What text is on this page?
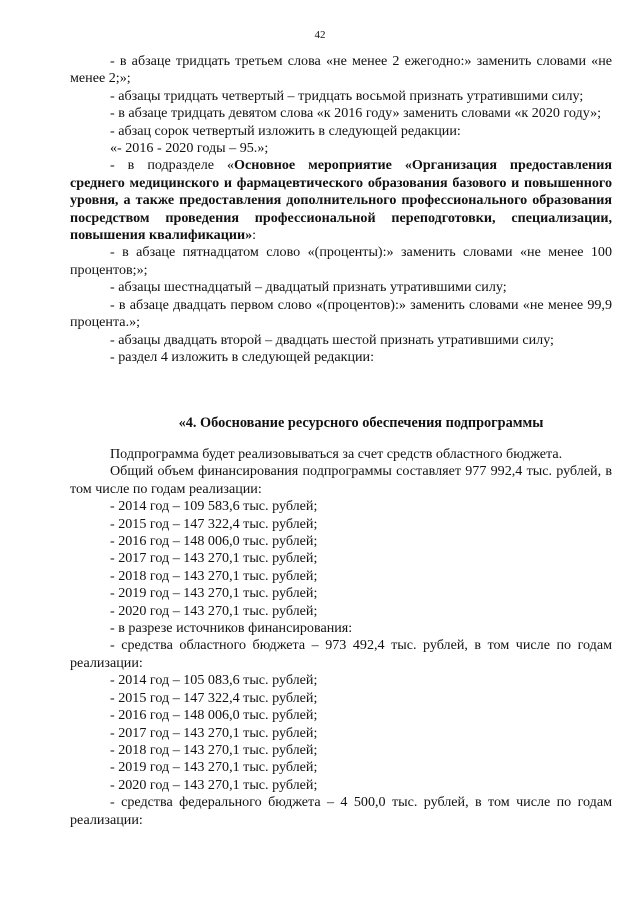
42

- в абзаце тридцать третьем слова «не менее 2 ежегодно:» заменить словами «не менее 2;»;

- абзацы тридцать четвертый – тридцать восьмой признать утратившими силу;

- в абзаце тридцать девятом слова «к 2016 году» заменить словами «к 2020 году»;

- абзац сорок четвертый изложить в следующей редакции:

«- 2016 - 2020 годы – 95.»;

- в подразделе «Основное мероприятие «Организация предоставления среднего медицинского и фармацевтического образования базового и повышенного уровня, а также предоставления дополнительного профессионального образования посредством проведения профессиональной переподготовки, специализации, повышения квалификации»:

- в абзаце пятнадцатом слово «(проценты):» заменить словами «не менее 100 процентов;»;

- абзацы шестнадцатый – двадцатый признать утратившими силу;

- в абзаце двадцать первом слово «(процентов):» заменить словами «не менее 99,9 процента.»;

- абзацы двадцать второй – двадцать шестой признать утратившими силу;

- раздел 4 изложить в следующей редакции:

«4. Обоснование ресурсного обеспечения подпрограммы

Подпрограмма будет реализовываться за счет средств областного бюджета.

Общий объем финансирования подпрограммы составляет 977 992,4 тыс. рублей, в том числе по годам реализации:

- 2014 год – 109 583,6 тыс. рублей;

- 2015 год – 147 322,4 тыс. рублей;

- 2016 год – 148 006,0 тыс. рублей;

- 2017 год – 143 270,1 тыс. рублей;

- 2018 год – 143 270,1 тыс. рублей;

- 2019 год – 143 270,1 тыс. рублей;

- 2020 год – 143 270,1 тыс. рублей;

- в разрезе источников финансирования:

- средства областного бюджета – 973 492,4 тыс. рублей, в том числе по годам реализации:

- 2014 год – 105 083,6 тыс. рублей;

- 2015 год – 147 322,4 тыс. рублей;

- 2016 год – 148 006,0 тыс. рублей;

- 2017 год – 143 270,1 тыс. рублей;

- 2018 год – 143 270,1 тыс. рублей;

- 2019 год – 143 270,1 тыс. рублей;

- 2020 год – 143 270,1 тыс. рублей;

- средства федерального бюджета – 4 500,0 тыс. рублей, в том числе по годам реализации:
